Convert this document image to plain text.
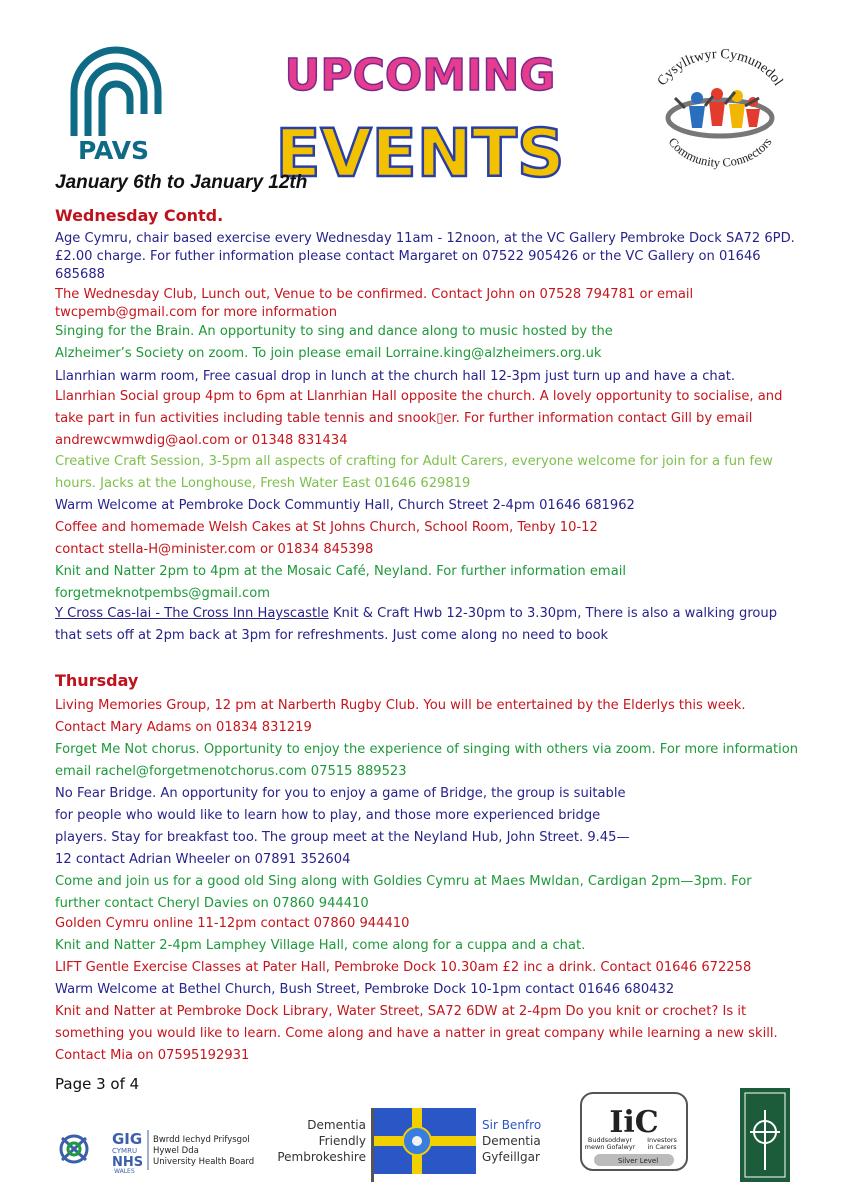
PAVS
UPCOMING
EVENTS
Cysylltwyr Cymunedol
Community Connectors
January 6th to January 12th
Wednesday Contd.

Age Cymru, chair based exercise every Wednesday 11am - 12noon, at the VC Gallery Pembroke Dock SA72 6PD. £2.00 charge. For futher information please contact Margaret on 07522 905426 or the VC Gallery on 01646 685688

The Wednesday Club, Lunch out, Venue to be confirmed. Contact John on 07528 794781 or email twcpemb@gmail.com for more information

Singing for the Brain. An opportunity to sing and dance along to music hosted by the

Alzheimer’s Society on zoom. To join please email Lorraine.king@alzheimers.org.uk

Llanrhian warm room, Free casual drop in lunch at the church hall 12-3pm just turn up and have a chat.

Llanrhian Social group 4pm to 6pm at Llanrhian Hall opposite the church. A lovely opportunity to socialise, and take part in fun activities including table tennis and snook▯er. For further information contact Gill by email andrewcwmwdig@aol.com or 01348 831434

Creative Craft Session, 3-5pm all aspects of crafting for Adult Carers, everyone welcome for join for a fun few hours. Jacks at the Longhouse, Fresh Water East 01646 629819

Warm Welcome at Pembroke Dock Communtiy Hall, Church Street 2-4pm 01646 681962

Coffee and homemade Welsh Cakes at St Johns Church, School Room, Tenby 10-12

contact stella-H@minister.com or 01834 845398

Knit and Natter 2pm to 4pm at the Mosaic Café, Neyland. For further information email forgetmeknotpembs@gmail.com

Y Cross Cas-lai - The Cross Inn Hayscastle Knit & Craft Hwb 12-30pm to 3.30pm, There is also a walking group that sets off at 2pm back at 3pm for refreshments. Just come along no need to book

Thursday

Living Memories Group, 12 pm at Narberth Rugby Club. You will be entertained by the Elderlys this week. Contact Mary Adams on 01834 831219

Forget Me Not chorus. Opportunity to enjoy the experience of singing with others via zoom. For more information email rachel@forgetmenotchorus.com 07515 889523

No Fear Bridge. An opportunity for you to enjoy a game of Bridge, the group is suitable

for people who would like to learn how to play, and those more experienced bridge

players. Stay for breakfast too. The group meet at the Neyland Hub, John Street. 9.45—

12 contact Adrian Wheeler on 07891 352604

Come and join us for a good old Sing along with Goldies Cymru at Maes Mwldan, Cardigan 2pm—3pm. For further contact Cheryl Davies on 07860 944410

Golden Cymru online 11-12pm contact 07860 944410

Knit and Natter 2-4pm Lamphey Village Hall, come along for a cuppa and a chat.

LIFT Gentle Exercise Classes at Pater Hall, Pembroke Dock 10.30am £2 inc a drink. Contact 01646 672258

Warm Welcome at Bethel Church, Bush Street, Pembroke Dock 10-1pm contact 01646 680432

Knit and Natter at Pembroke Dock Library, Water Street, SA72 6DW at 2-4pm Do you knit or crochet? Is it something you would like to learn. Come along and have a natter in great company while learning a new skill. Contact Mia on 07595192931

Page 3 of 4
GIG
CYMRU
NHS
WALES
Bwrdd Iechyd Prifysgol
Hywel Dda
University Health Board
Dementia
Friendly
Pembrokeshire
Sir Benfro
Dementia
Gyfeillgar
IiC
Buddsoddwyr
mewn Gofalwyr
Investors
in Carers
Silver Level
